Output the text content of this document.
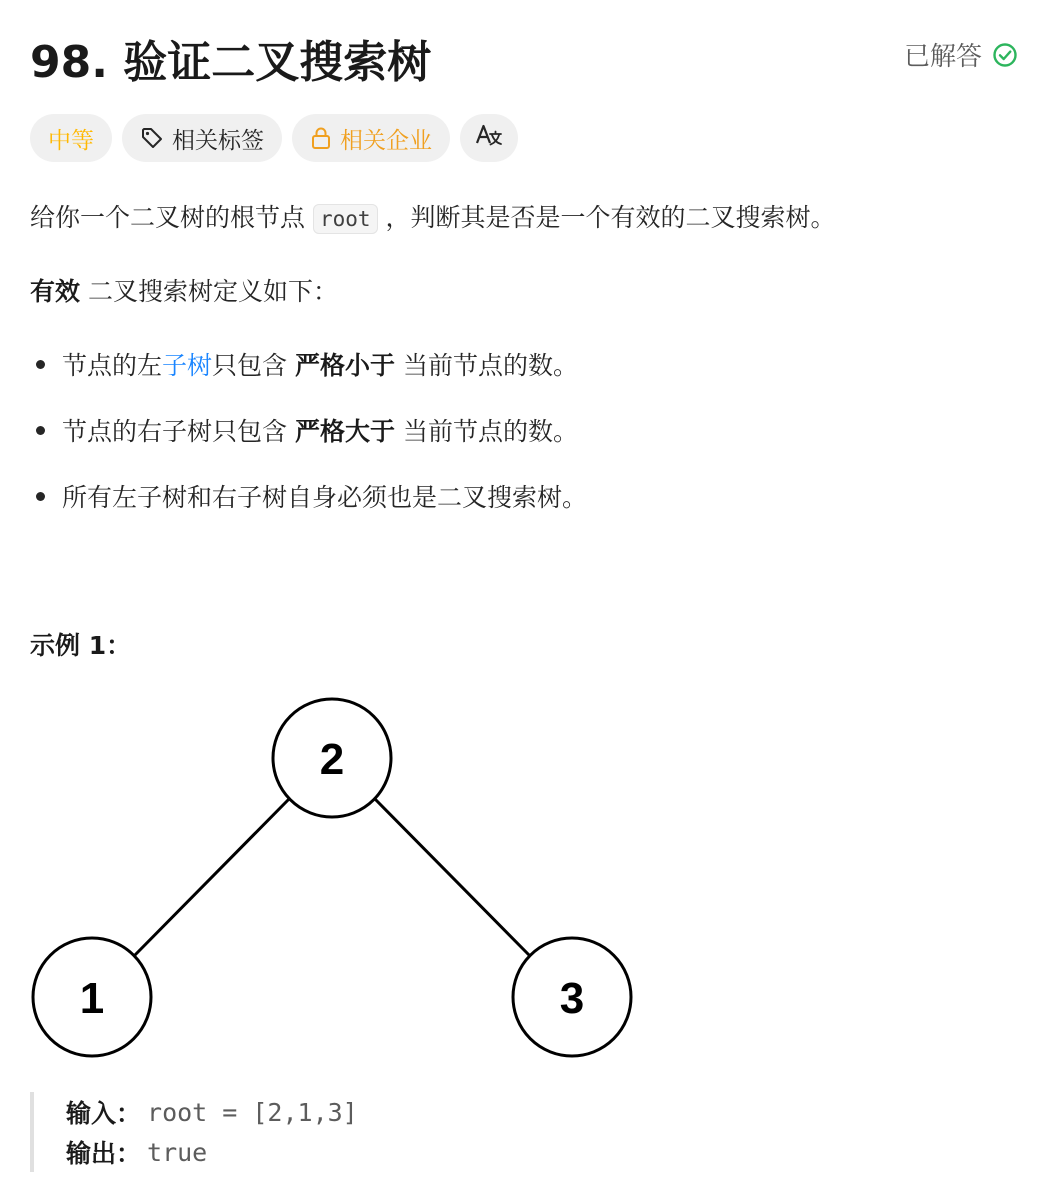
98. 验证二叉搜索树	已解答
中等	相关标签	相关企业
给你一个二叉树的根节点 root ，判断其是否是一个有效的二叉搜索树。
有效 二叉搜索树定义如下：
节点的左 子树 只包含
严格小于
当前节点的数。
节点的右子树只包含
严格大于
当前节点的数。
所有左子树和右子树自身必须也是二叉搜索树。
示例 1：
2
1	3
输入： root = [2,1,3]
输出： true
